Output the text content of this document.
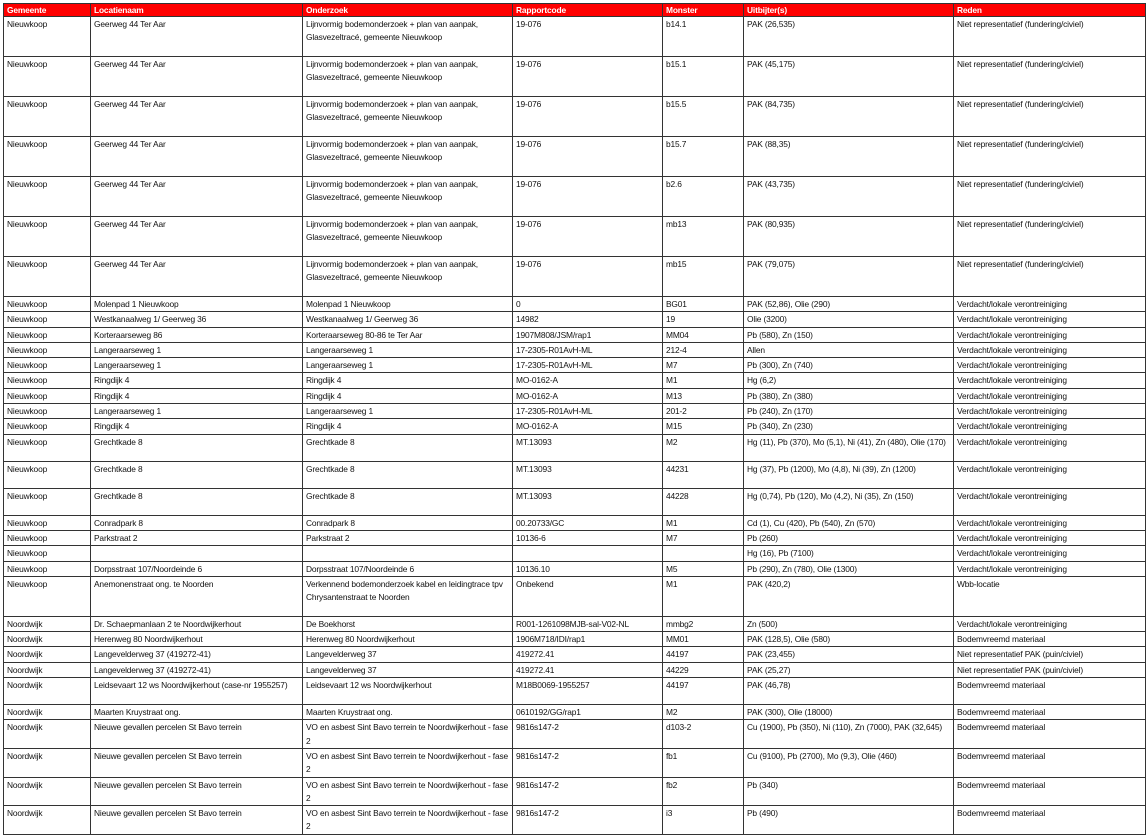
Gemeente	Locatienaam	Onderzoek	Rapportcode	Monster	Uitbijter(s)	Reden
Nieuwkoop	Geerweg 44 Ter Aar	Lijnvormig bodemonderzoek + plan van aanpak, Glasvezeltracé, gemeente Nieuwkoop	19-076	b14.1	PAK (26,535)	Niet representatief (fundering/civiel)
Nieuwkoop	Geerweg 44 Ter Aar	Lijnvormig bodemonderzoek + plan van aanpak, Glasvezeltracé, gemeente Nieuwkoop	19-076	b15.1	PAK (45,175)	Niet representatief (fundering/civiel)
Nieuwkoop	Geerweg 44 Ter Aar	Lijnvormig bodemonderzoek + plan van aanpak, Glasvezeltracé, gemeente Nieuwkoop	19-076	b15.5	PAK (84,735)	Niet representatief (fundering/civiel)
Nieuwkoop	Geerweg 44 Ter Aar	Lijnvormig bodemonderzoek + plan van aanpak, Glasvezeltracé, gemeente Nieuwkoop	19-076	b15.7	PAK (88,35)	Niet representatief (fundering/civiel)
Nieuwkoop	Geerweg 44 Ter Aar	Lijnvormig bodemonderzoek + plan van aanpak, Glasvezeltracé, gemeente Nieuwkoop	19-076	b2.6	PAK (43,735)	Niet representatief (fundering/civiel)
Nieuwkoop	Geerweg 44 Ter Aar	Lijnvormig bodemonderzoek + plan van aanpak, Glasvezeltracé, gemeente Nieuwkoop	19-076	mb13	PAK (80,935)	Niet representatief (fundering/civiel)
Nieuwkoop	Geerweg 44 Ter Aar	Lijnvormig bodemonderzoek + plan van aanpak, Glasvezeltracé, gemeente Nieuwkoop	19-076	mb15	PAK (79,075)	Niet representatief (fundering/civiel)
Nieuwkoop	Molenpad 1 Nieuwkoop	Molenpad 1 Nieuwkoop	0	BG01	PAK (52,86), Olie (290)	Verdacht/lokale verontreiniging
Nieuwkoop	Westkanaalweg 1/ Geerweg 36	Westkanaalweg 1/ Geerweg 36	14982	19	Olie (3200)	Verdacht/lokale verontreiniging
Nieuwkoop	Korteraarseweg 86	Korteraarseweg 80-86 te Ter Aar	1907M808/JSM/rap1	MM04	Pb (580), Zn (150)	Verdacht/lokale verontreiniging
Nieuwkoop	Langeraarseweg 1	Langeraarseweg 1	17-2305-R01AvH-ML	212-4	Allen	Verdacht/lokale verontreiniging
Nieuwkoop	Langeraarseweg 1	Langeraarseweg 1	17-2305-R01AvH-ML	M7	Pb (300), Zn (740)	Verdacht/lokale verontreiniging
Nieuwkoop	Ringdijk 4	Ringdijk 4	MO-0162-A	M1	Hg (6,2)	Verdacht/lokale verontreiniging
Nieuwkoop	Ringdijk 4	Ringdijk 4	MO-0162-A	M13	Pb (380), Zn (380)	Verdacht/lokale verontreiniging
Nieuwkoop	Langeraarseweg 1	Langeraarseweg 1	17-2305-R01AvH-ML	201-2	Pb (240), Zn (170)	Verdacht/lokale verontreiniging
Nieuwkoop	Ringdijk 4	Ringdijk 4	MO-0162-A	M15	Pb (340), Zn (230)	Verdacht/lokale verontreiniging
Nieuwkoop	Grechtkade 8	Grechtkade 8	MT.13093	M2	Hg (11), Pb (370), Mo (5,1), Ni (41), Zn (480), Olie (170)	Verdacht/lokale verontreiniging
Nieuwkoop	Grechtkade 8	Grechtkade 8	MT.13093	44231	Hg (37), Pb (1200), Mo (4,8), Ni (39), Zn (1200)	Verdacht/lokale verontreiniging
Nieuwkoop	Grechtkade 8	Grechtkade 8	MT.13093	44228	Hg (0,74), Pb (120), Mo (4,2), Ni (35), Zn (150)	Verdacht/lokale verontreiniging
Nieuwkoop	Conradpark 8	Conradpark 8	00.20733/GC	M1	Cd (1), Cu (420), Pb (540), Zn (570)	Verdacht/lokale verontreiniging
Nieuwkoop	Parkstraat 2	Parkstraat 2	10136-6	M7	Pb (260)	Verdacht/lokale verontreiniging
Nieuwkoop					Hg (16), Pb (7100)	Verdacht/lokale verontreiniging
Nieuwkoop	Dorpsstraat 107/Noordeinde 6	Dorpsstraat 107/Noordeinde 6	10136.10	M5	Pb (290), Zn (780), Olie (1300)	Verdacht/lokale verontreiniging
Nieuwkoop	Anemonenstraat ong. te Noorden	Verkennend bodemonderzoek kabel en leidingtrace tpv Chrysantenstraat te Noorden	Onbekend	M1	PAK (420,2)	Wbb-locatie
Noordwijk	Dr. Schaepmanlaan 2 te Noordwijkerhout	De Boekhorst	R001-1261098MJB-sal-V02-NL	mmbg2	Zn (500)	Verdacht/lokale verontreiniging
Noordwijk	Herenweg 80 Noordwijkerhout	Herenweg 80 Noordwijkerhout	1906M718/IDI/rap1	MM01	PAK (128,5), Olie (580)	Bodemvreemd materiaal
Noordwijk	Langevelderweg 37 (419272-41)	Langevelderweg 37	419272.41	44197	PAK (23,455)	Niet representatief PAK (puin/civiel)
Noordwijk	Langevelderweg 37 (419272-41)	Langevelderweg 37	419272.41	44229	PAK (25,27)	Niet representatief PAK (puin/civiel)
Noordwijk	Leidsevaart 12 ws Noordwijkerhout (case-nr 1955257)	Leidsevaart 12 ws Noordwijkerhout	M18B0069-1955257	44197	PAK (46,78)	Bodemvreemd materiaal
Noordwijk	Maarten Kruystraat ong.	Maarten Kruystraat ong.	0610192/GG/rap1	M2	PAK (300), Olie (18000)	Bodemvreemd materiaal
Noordwijk	Nieuwe gevallen percelen St Bavo terrein	VO en asbest Sint Bavo terrein te Noordwijkerhout - fase 2	9816s147-2	d103-2	Cu (1900), Pb (350), Ni (110), Zn (7000), PAK (32,645)	Bodemvreemd materiaal
Noordwijk	Nieuwe gevallen percelen St Bavo terrein	VO en asbest Sint Bavo terrein te Noordwijkerhout - fase 2	9816s147-2	fb1	Cu (9100), Pb (2700), Mo (9,3), Olie (460)	Bodemvreemd materiaal
Noordwijk	Nieuwe gevallen percelen St Bavo terrein	VO en asbest Sint Bavo terrein te Noordwijkerhout - fase 2	9816s147-2	fb2	Pb (340)	Bodemvreemd materiaal
Noordwijk	Nieuwe gevallen percelen St Bavo terrein	VO en asbest Sint Bavo terrein te Noordwijkerhout - fase 2	9816s147-2	i3	Pb (490)	Bodemvreemd materiaal
